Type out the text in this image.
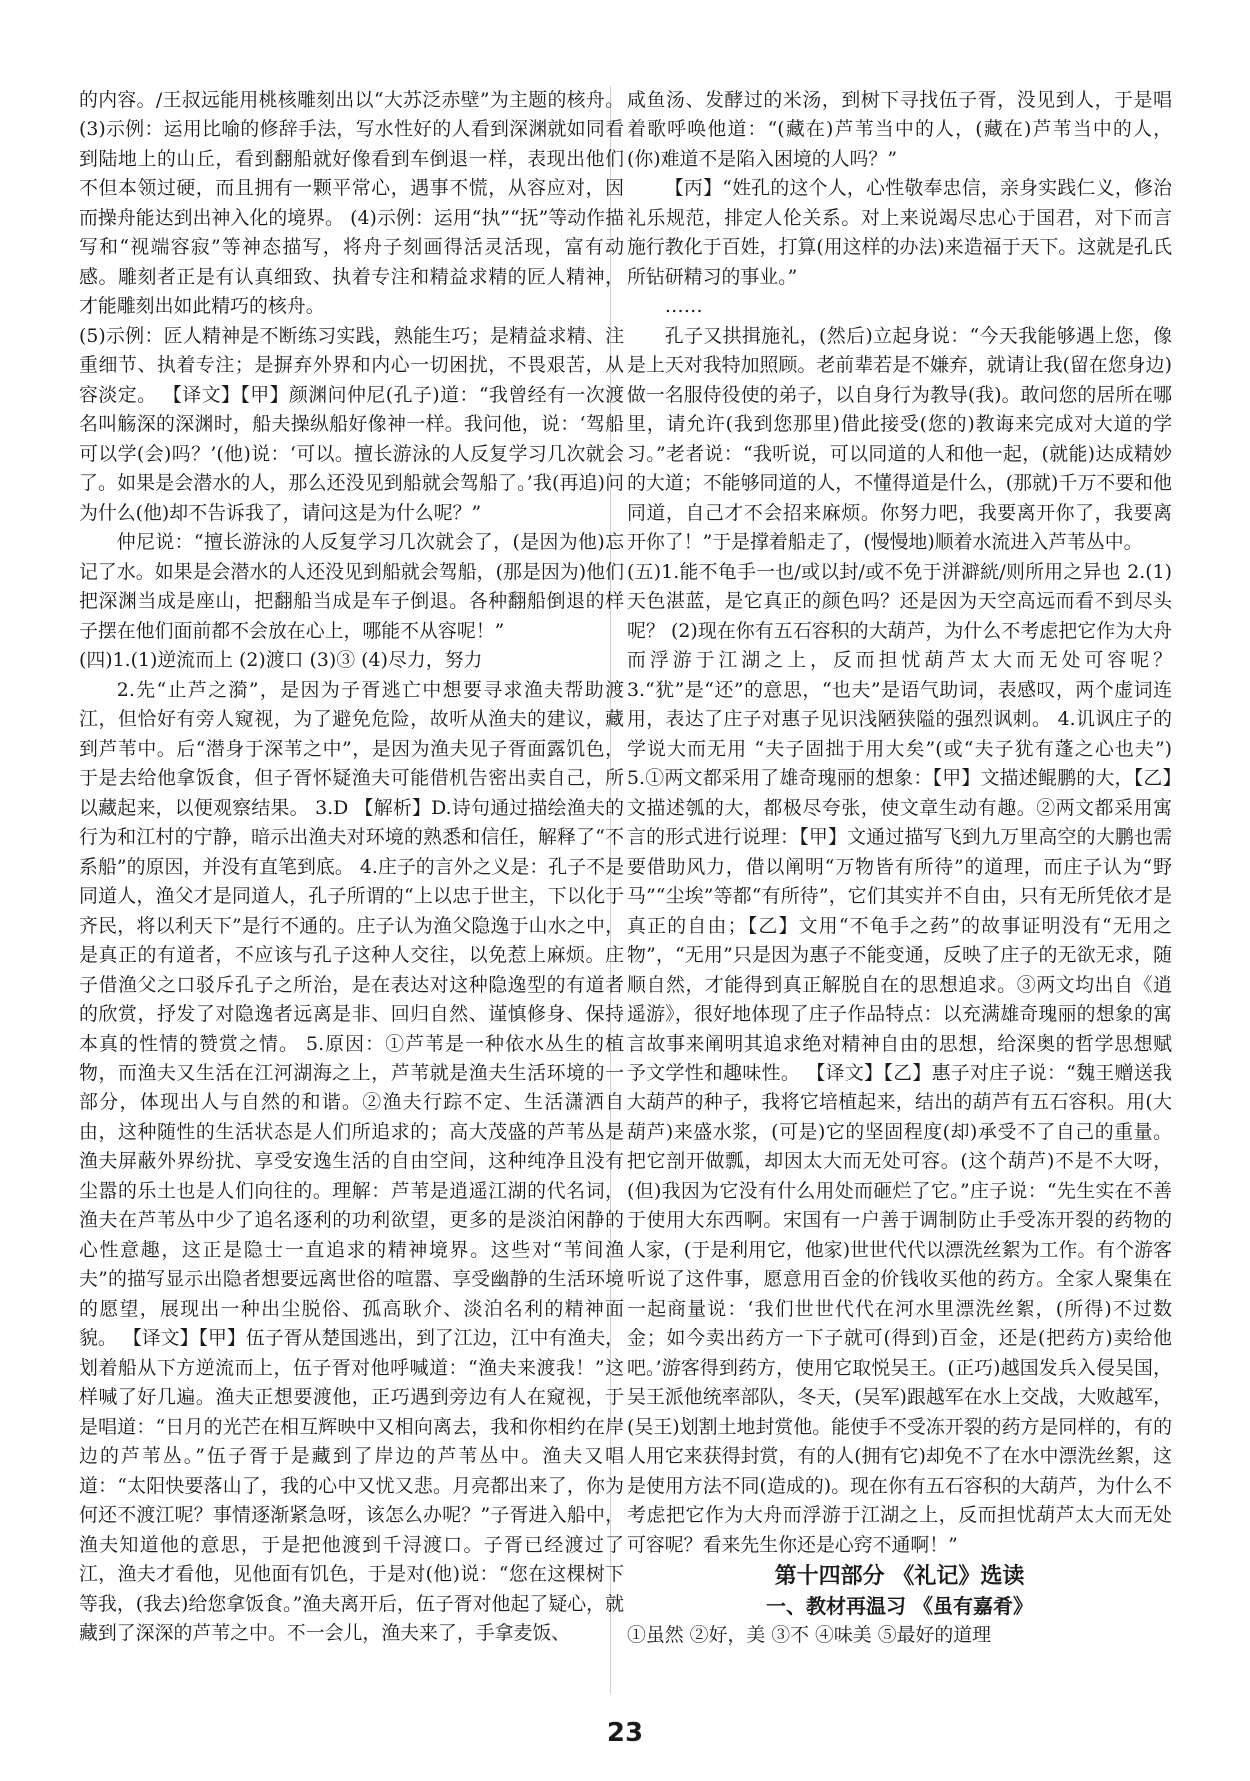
的内容。/王叔远能用桃核雕刻出以“大苏泛赤壁”为主题的核舟。 (3)示例：运用比喻的修辞手法，写水性好的人看到深渊就如同看到陆地上的山丘，看到翻船就好像看到车倒退一样，表现出他们不但本领过硬，而且拥有一颗平常心，遇事不慌，从容应对，因而操舟能达到出神入化的境界。 (4)示例：运用“执”“抚”等动作描写和“视端容寂”等神态描写，将舟子刻画得活灵活现，富有动感。雕刻者正是有认真细致、执着专注和精益求精的匠人精神，才能雕刻出如此精巧的核舟。

(5)示例：匠人精神是不断练习实践，熟能生巧；是精益求精、注重细节、执着专注；是摒弃外界和内心一切困扰，不畏艰苦，从容淡定。 【译文】【甲】颜渊问仲尼(孔子)道：“我曾经有一次渡名叫觞深的深渊时，船夫操纵船好像神一样。我问他，说：‘驾船可以学(会)吗？’(他)说：‘可以。擅长游泳的人反复学习几次就会了。如果是会潜水的人，那么还没见到船就会驾船了。’我(再追)问为什么(他)却不告诉我了，请问这是为什么呢？”

仲尼说：“擅长游泳的人反复学习几次就会了，(是因为他)忘记了水。如果是会潜水的人还没见到船就会驾船，(那是因为)他们把深渊当成是座山，把翻船当成是车子倒退。各种翻船倒退的样子摆在他们面前都不会放在心上，哪能不从容呢！”

(四)1.(1)逆流而上 (2)渡口 (3)③ (4)尽力，努力

2.先“止芦之漪”，是因为子胥逃亡中想要寻求渔夫帮助渡江，但恰好有旁人窥视，为了避免危险，故听从渔夫的建议，藏到芦苇中。后“潜身于深苇之中”，是因为渔夫见子胥面露饥色，于是去给他拿饭食，但子胥怀疑渔夫可能借机告密出卖自己，所以藏起来，以便观察结果。 3.D 【解析】D.诗句通过描绘渔夫的行为和江村的宁静，暗示出渔夫对环境的熟悉和信任，解释了“不系船”的原因，并没有直笔到底。 4.庄子的言外之义是：孔子不是同道人，渔父才是同道人，孔子所谓的“上以忠于世主，下以化于齐民，将以利天下”是行不通的。庄子认为渔父隐逸于山水之中，是真正的有道者，不应该与孔子这种人交往，以免惹上麻烦。庄子借渔父之口驳斥孔子之所治，是在表达对这种隐逸型的有道者的欣赏，抒发了对隐逸者远离是非、回归自然、谨慎修身、保持本真的性情的赞赏之情。 5.原因：①芦苇是一种依水丛生的植物，而渔夫又生活在江河湖海之上，芦苇就是渔夫生活环境的一部分，体现出人与自然的和谐。②渔夫行踪不定、生活潇洒自由，这种随性的生活状态是人们所追求的；高大茂盛的芦苇丛是渔夫屏蔽外界纷扰、享受安逸生活的自由空间，这种纯净且没有尘嚣的乐土也是人们向往的。理解：芦苇是逍遥江湖的代名词，渔夫在芦苇丛中少了追名逐利的功利欲望，更多的是淡泊闲静的心性意趣，这正是隐士一直追求的精神境界。这些对“苇间渔夫”的描写显示出隐者想要远离世俗的喧嚣、享受幽静的生活环境的愿望，展现出一种出尘脱俗、孤高耿介、淡泊名利的精神面貌。 【译文】【甲】伍子胥从楚国逃出，到了江边，江中有渔夫，划着船从下方逆流而上，伍子胥对他呼喊道：“渔夫来渡我！”这样喊了好几遍。渔夫正想要渡他，正巧遇到旁边有人在窥视，于是唱道：“日月的光芒在相互辉映中又相向离去，我和你相约在岸边的芦苇丛。”伍子胥于是藏到了岸边的芦苇丛中。渔夫又唱道：“太阳快要落山了，我的心中又忧又悲。月亮都出来了，你为何还不渡江呢？事情逐渐紧急呀，该怎么办呢？”子胥进入船中，渔夫知道他的意思，于是把他渡到千浔渡口。子胥已经渡过了江，渔夫才看他，见他面有饥色，于是对(他)说：“您在这棵树下等我，(我去)给您拿饭食。”渔夫离开后，伍子胥对他起了疑心，就藏到了深深的芦苇之中。不一会儿，渔夫来了，手拿麦饭、

咸鱼汤、发酵过的米汤，到树下寻找伍子胥，没见到人，于是唱着歌呼唤他道：“(藏在)芦苇当中的人，(藏在)芦苇当中的人，(你)难道不是陷入困境的人吗？”

【丙】“姓孔的这个人，心性敬奉忠信，亲身实践仁义，修治礼乐规范，排定人伦关系。对上来说竭尽忠心于国君，对下而言施行教化于百姓，打算(用这样的办法)来造福于天下。这就是孔氏所钻研精习的事业。”

……

孔子又拱揖施礼，(然后)立起身说：“今天我能够遇上您，像是上天对我特加照顾。老前辈若是不嫌弃，就请让我(留在您身边)做一名服侍役使的弟子，以自身行为教导(我)。敢问您的居所在哪里，请允许(我到您那里)借此接受(您的)教诲来完成对大道的学习。”老者说：“我听说，可以同道的人和他一起，(就能)达成精妙的大道；不能够同道的人，不懂得道是什么，(那就)千万不要和他同道，自己才不会招来麻烦。你努力吧，我要离开你了，我要离开你了！”于是撑着船走了，(慢慢地)顺着水流进入芦苇丛中。

(五)1.能不龟手一也/或以封/或不免于洴澼絖/则所用之异也 2.(1)天色湛蓝，是它真正的颜色吗？还是因为天空高远而看不到尽头呢？ (2)现在你有五石容积的大葫芦，为什么不考虑把它作为大舟而浮游于江湖之上，反而担忧葫芦太大而无处可容呢？ 3.“犹”是“还”的意思，“也夫”是语气助词，表感叹，两个虚词连用，表达了庄子对惠子见识浅陋狭隘的强烈讽刺。 4.讥讽庄子的学说大而无用 “夫子固拙于用大矣”(或“夫子犹有蓬之心也夫”) 5.①两文都采用了雄奇瑰丽的想象：【甲】文描述鲲鹏的大，【乙】文描述瓠的大，都极尽夸张，使文章生动有趣。②两文都采用寓言的形式进行说理：【甲】文通过描写飞到九万里高空的大鹏也需要借助风力，借以阐明“万物皆有所待”的道理，而庄子认为“野马”“尘埃”等都“有所待”，它们其实并不自由，只有无所凭依才是真正的自由；【乙】文用“不龟手之药”的故事证明没有“无用之物”，“无用”只是因为惠子不能变通，反映了庄子的无欲无求，随顺自然，才能得到真正解脱自在的思想追求。③两文均出自《逍遥游》，很好地体现了庄子作品特点：以充满雄奇瑰丽的想象的寓言故事来阐明其追求绝对精神自由的思想，给深奥的哲学思想赋予文学性和趣味性。 【译文】【乙】惠子对庄子说：“魏王赠送我大葫芦的种子，我将它培植起来，结出的葫芦有五石容积。用(大葫芦)来盛水浆，(可是)它的坚固程度(却)承受不了自己的重量。把它剖开做瓢，却因太大而无处可容。(这个葫芦)不是不大呀，(但)我因为它没有什么用处而砸烂了它。”庄子说：“先生实在不善于使用大东西啊。宋国有一户善于调制防止手受冻开裂的药物的人家，(于是利用它，他家)世世代代以漂洗丝絮为工作。有个游客听说了这件事，愿意用百金的价钱收买他的药方。全家人聚集在一起商量说：‘我们世世代代在河水里漂洗丝絮，(所得)不过数金；如今卖出药方一下子就可(得到)百金，还是(把药方)卖给他吧。’游客得到药方，使用它取悦吴王。(正巧)越国发兵入侵吴国，吴王派他统率部队，冬天，(吴军)跟越军在水上交战，大败越军，(吴王)划割土地封赏他。能使手不受冻开裂的药方是同样的，有的人用它来获得封赏，有的人(拥有它)却免不了在水中漂洗丝絮，这是使用方法不同(造成的)。现在你有五石容积的大葫芦，为什么不考虑把它作为大舟而浮游于江湖之上，反而担忧葫芦太大而无处可容呢？看来先生你还是心窍不通啊！”

第十四部分 《礼记》选读
一、教材再温习 《虽有嘉肴》

①虽然 ②好，美 ③不 ④味美 ⑤最好的道理

23
